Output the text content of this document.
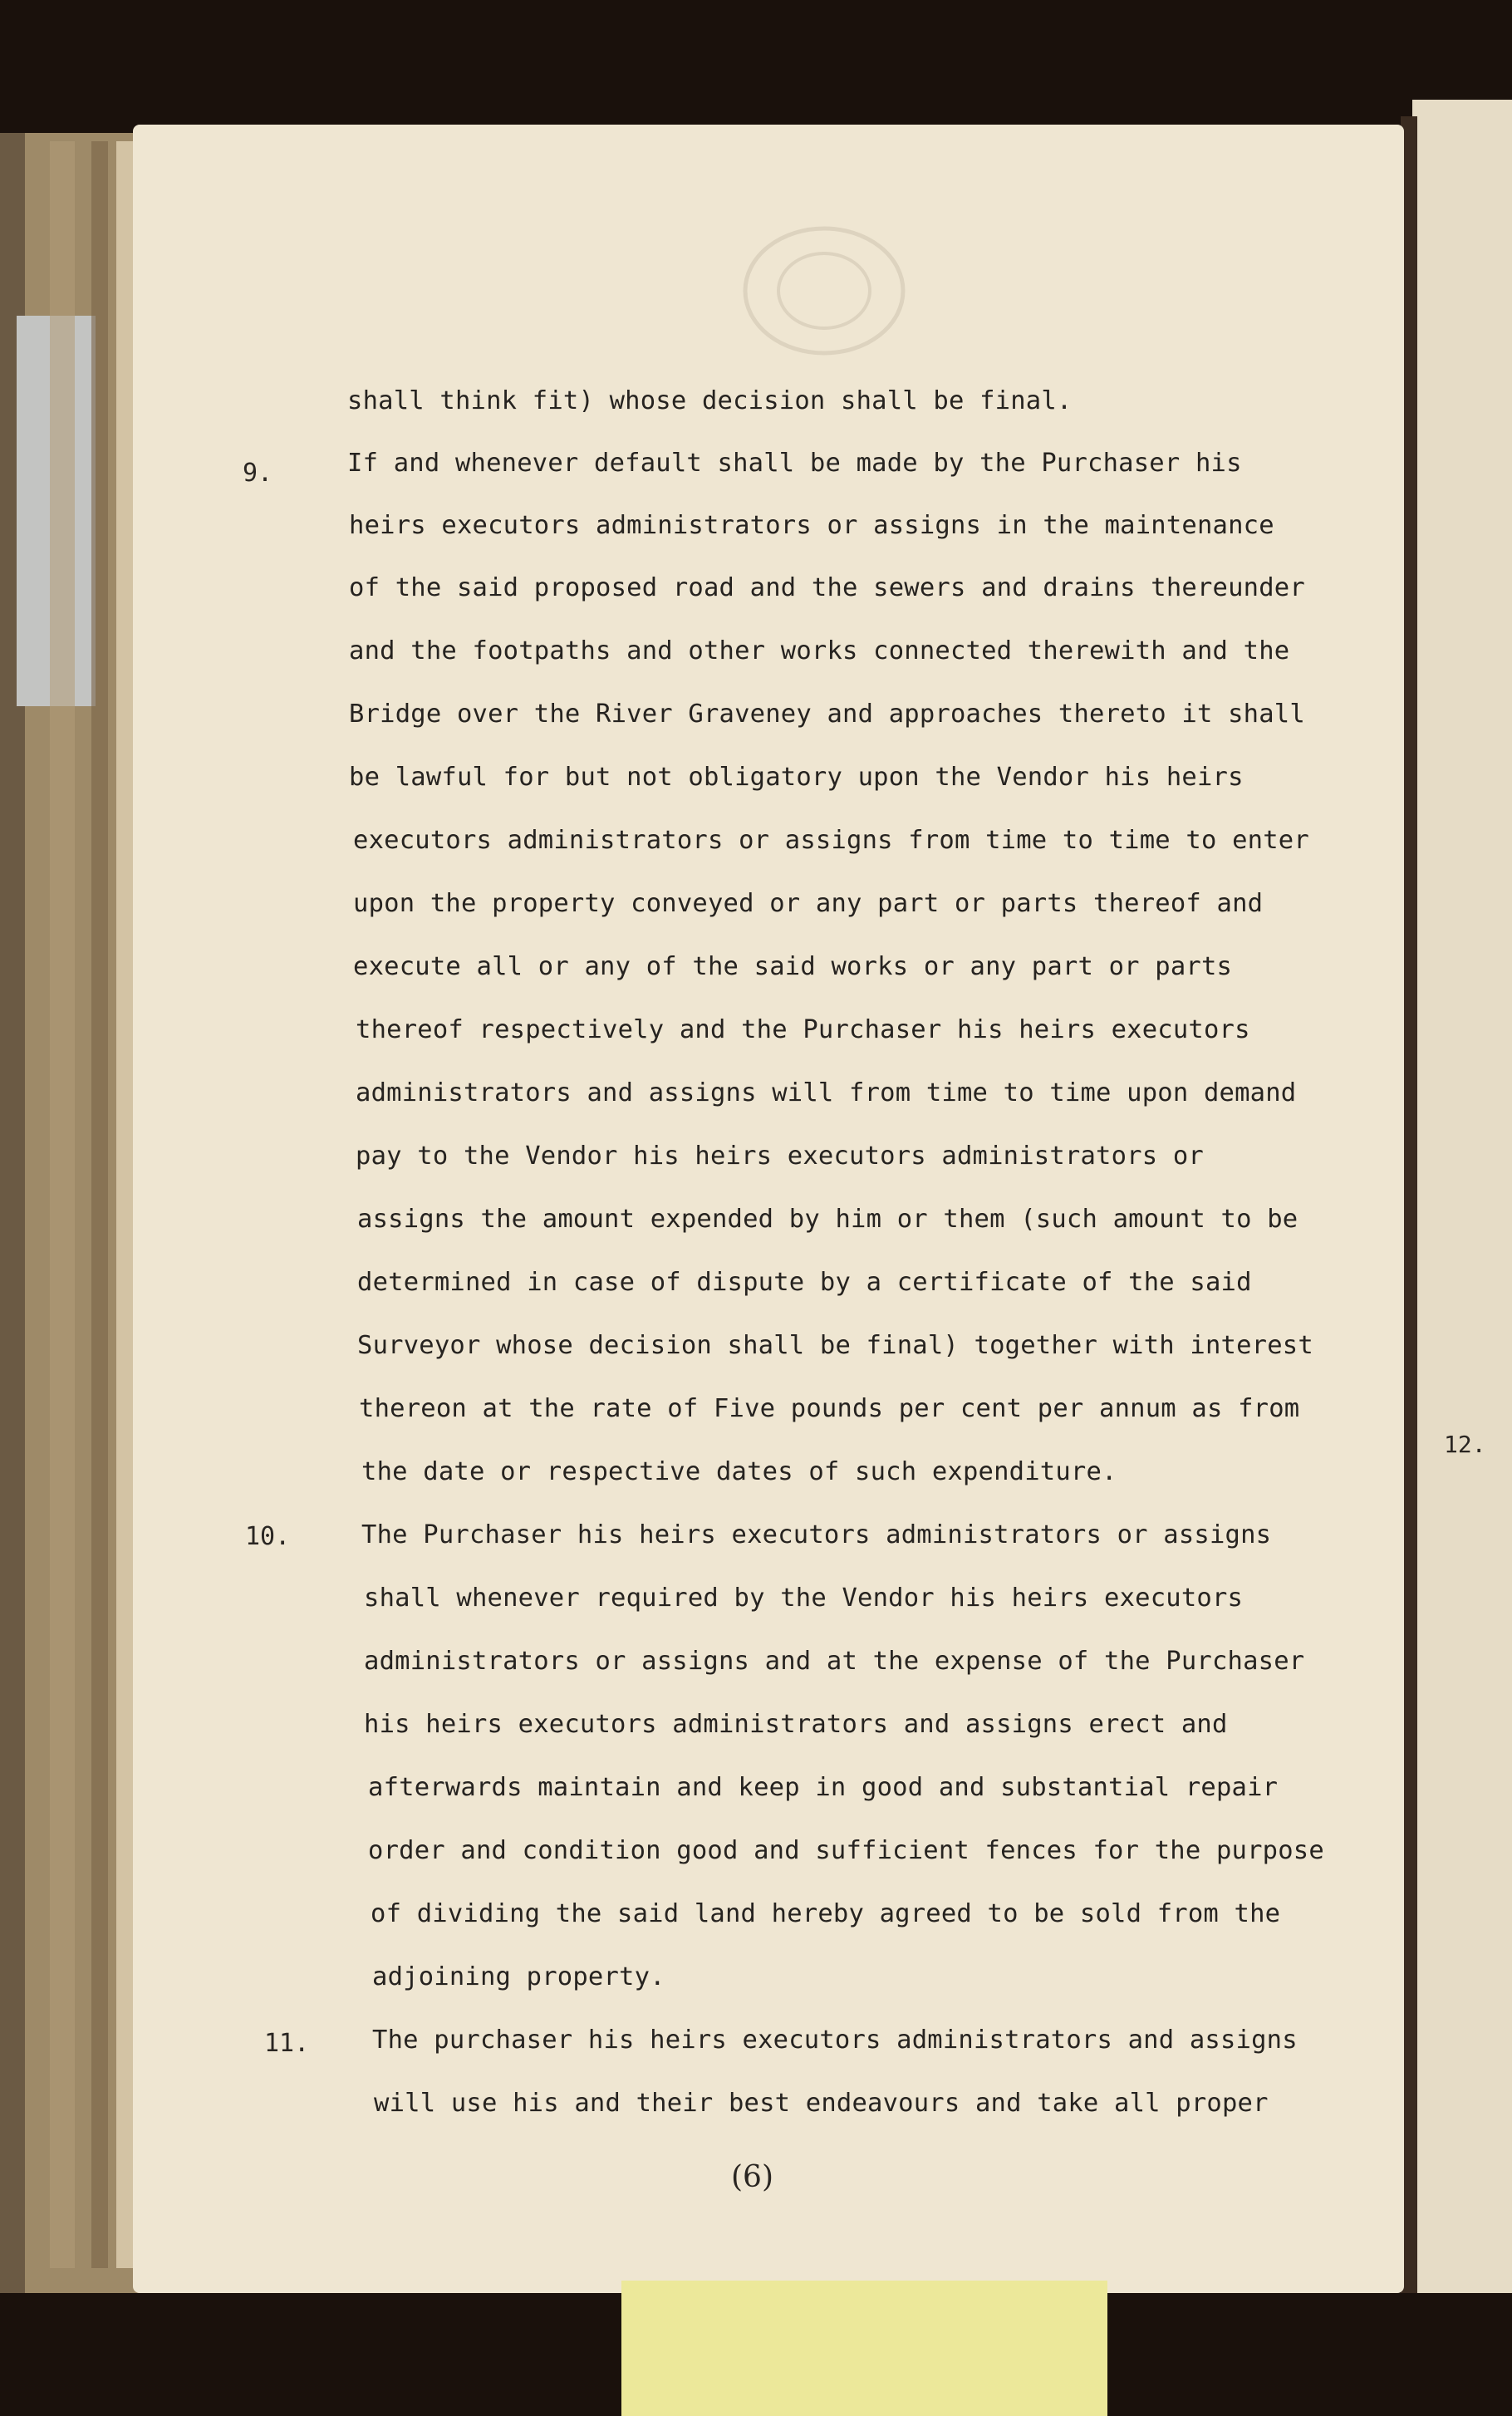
shall think fit) whose decision shall be final.
9.	If and whenever default shall be made by the Purchaser his
heirs executors administrators or assigns in the maintenance
of the said proposed road and the sewers and drains thereunder
and the footpaths and other works connected therewith and the
Bridge over the River Graveney and approaches thereto it shall
be lawful for but not obligatory upon the Vendor his heirs
executors administrators or assigns from time to time to enter
upon the property conveyed or any part or parts thereof and
execute all or any of the said works or any part or parts
thereof respectively and the Purchaser his heirs executors
administrators and assigns will from time to time upon demand
pay to the Vendor his heirs executors administrators or
assigns the amount expended by him or them (such amount to be
determined in case of dispute by a certificate of the said
Surveyor whose decision shall be final) together with interest
thereon at the rate of Five pounds per cent per annum as from
the date or respective dates of such expenditure.
10.	The Purchaser his heirs executors administrators or assigns
shall whenever required by the Vendor his heirs executors
administrators or assigns and at the expense of the Purchaser
his heirs executors administrators and assigns erect and
afterwards maintain and keep in good and substantial repair
order and condition good and sufficient fences for the purpose
of dividing the said land hereby agreed to be sold from the
adjoining property.
11. The purchaser his heirs executors administrators and assigns
will use his and their best endeavours and take all proper
12.
(6)
